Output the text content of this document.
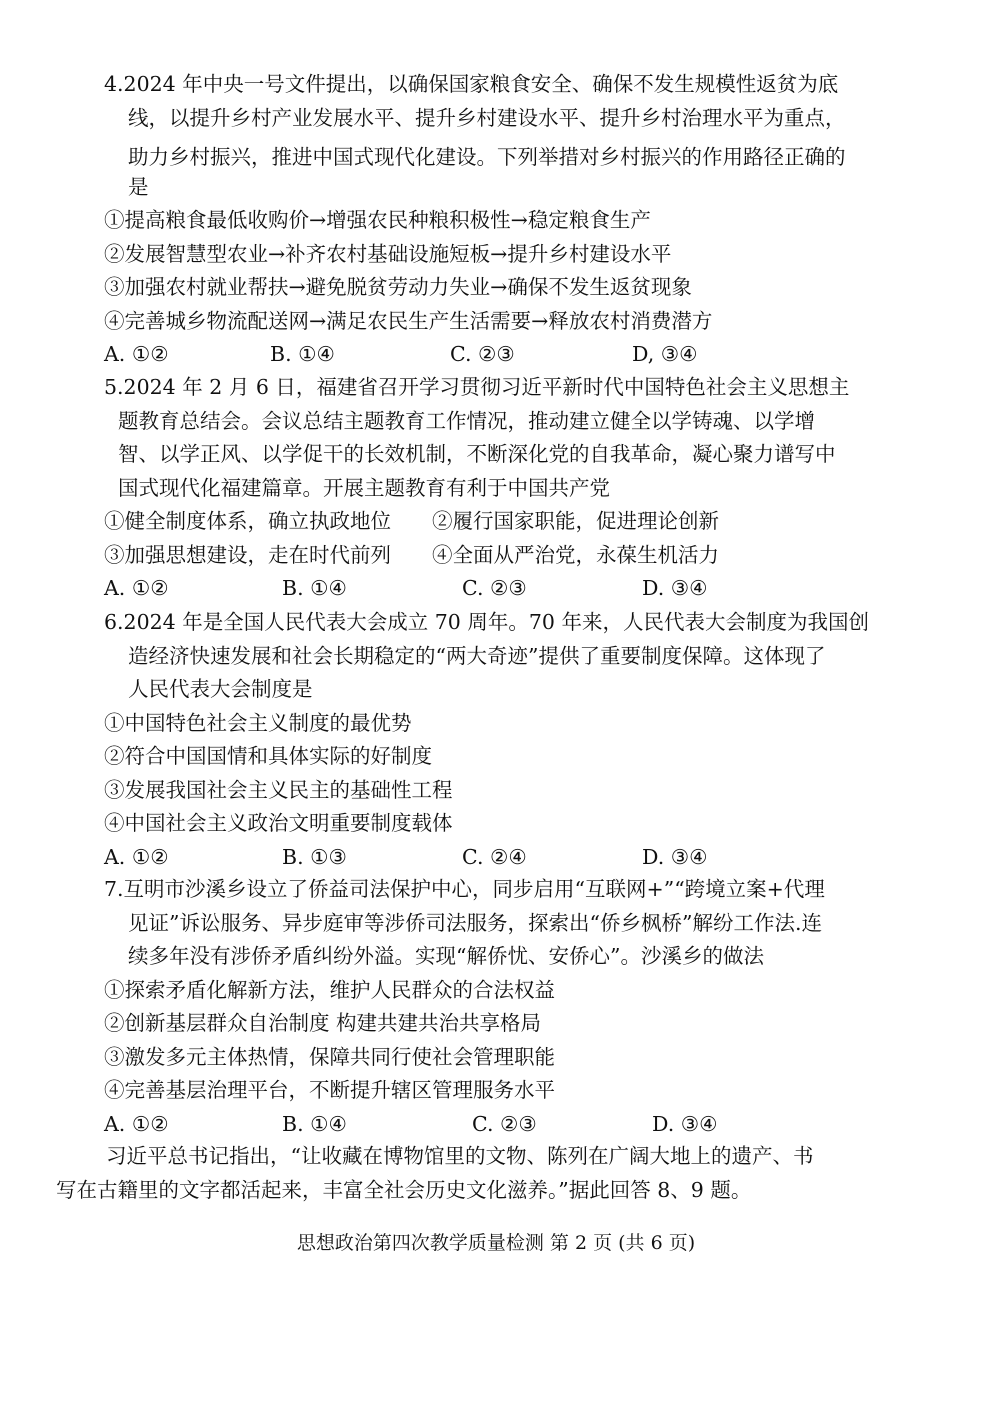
4.2024 年中央一号文件提出，以确保国家粮食安全、确保不发生规模性返贫为底
线，以提升乡村产业发展水平、提升乡村建设水平、提升乡村治理水平为重点，
助力乡村振兴，推进中国式现代化建设。下列举措对乡村振兴的作用路径正确的
是
①提高粮食最低收购价→增强农民种粮积极性→稳定粮食生产
②发展智慧型农业→补齐农村基础设施短板→提升乡村建设水平
③加强农村就业帮扶→避免脱贫劳动力失业→确保不发生返贫现象
④完善城乡物流配送网→满足农民生产生活需要→释放农村消费潜方
A. ①②	B. ①④	C. ②③	D, ③④
5.2024 年 2 月 6 日，福建省召开学习贯彻习近平新时代中国特色社会主义思想主
题教育总结会。会议总结主题教育工作情况，推动建立健全以学铸魂、以学增
智、以学正风、以学促干的长效机制，不断深化党的自我革命，凝心聚力谱写中
国式现代化福建篇章。开展主题教育有利于中国共产党
①健全制度体系，确立执政地位　　②履行国家职能，促进理论创新
③加强思想建设，走在时代前列　　④全面从严治党，永葆生机活力
A. ①②	B. ①④	C. ②③	D. ③④
6.2024 年是全国人民代表大会成立 70 周年。70 年来，人民代表大会制度为我国创
造经济快速发展和社会长期稳定的“两大奇迹”提供了重要制度保障。这体现了
人民代表大会制度是
①中国特色社会主义制度的最优势
②符合中国国情和具体实际的好制度
③发展我国社会主义民主的基础性工程
④中国社会主义政治文明重要制度载体
A. ①②	B. ①③	C. ②④	D. ③④
7.互明市沙溪乡设立了侨益司法保护中心，同步启用“互联网+”“跨境立案+代理
见证”诉讼服务、异步庭审等涉侨司法服务，探索出“侨乡枫桥”解纷工作法.连
续多年没有涉侨矛盾纠纷外溢。实现“解侨忧、安侨心”。沙溪乡的做法
①探索矛盾化解新方法，维护人民群众的合法权益
②创新基层群众自治制度 构建共建共治共享格局
③激发多元主体热情，保障共同行使社会管理职能
④完善基层治理平台，不断提升辖区管理服务水平
A. ①②	B. ①④	C. ②③	D. ③④
习近平总书记指出，“让收藏在博物馆里的文物、陈列在广阔大地上的遗产、书
写在古籍里的文字都活起来，丰富全社会历史文化滋养。”据此回答 8、9 题。
思想政治第四次教学质量检测 第 2 页 (共 6 页)
